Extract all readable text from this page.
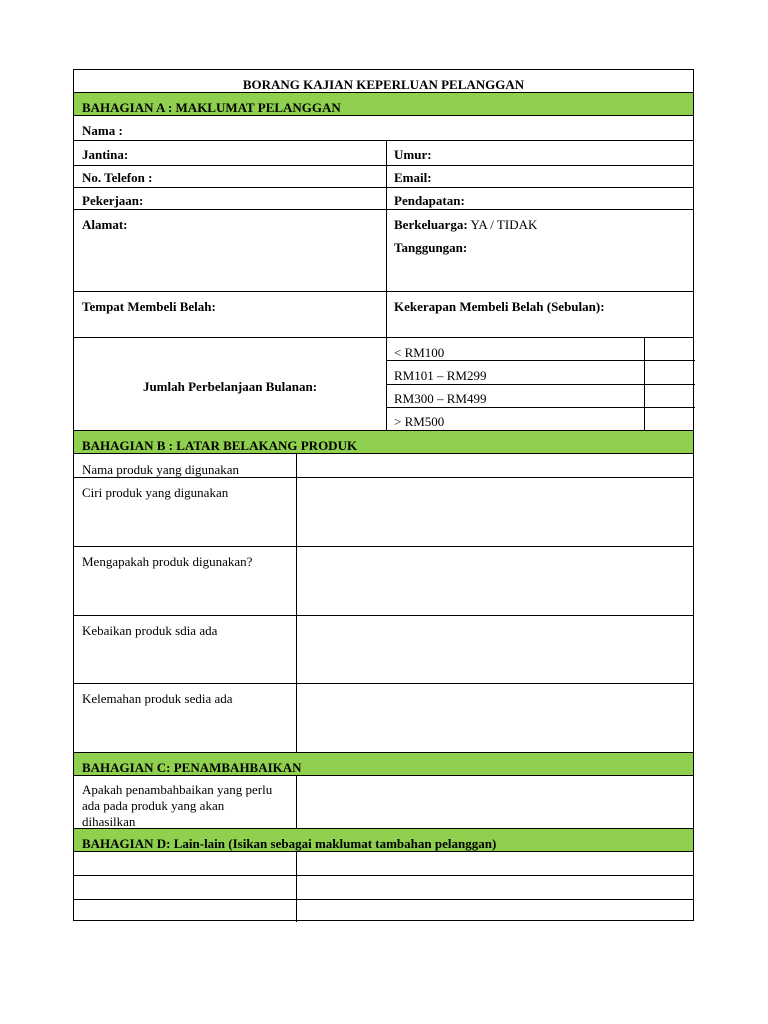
BORANG KAJIAN KEPERLUAN PELANGGAN
BAHAGIAN A : MAKLUMAT PELANGGAN
Nama :
Jantina:	Umur:
No. Telefon :	Email:
Pekerjaan:	Pendapatan:
Alamat:	Berkeluarga: YA / TIDAK
Tanggungan:
Tempat Membeli Belah:	Kekerapan Membeli Belah (Sebulan):
Jumlah Perbelanjaan Bulanan:
< RM100
RM101 – RM299
RM300 – RM499
> RM500
BAHAGIAN B : LATAR BELAKANG PRODUK
Nama produk yang digunakan
Ciri produk yang digunakan
Mengapakah produk digunakan?
Kebaikan produk sdia ada
Kelemahan produk sedia ada
BAHAGIAN C: PENAMBAHBAIKAN
Apakah penambahbaikan yang perlu
ada pada produk yang akan
dihasilkan
BAHAGIAN D: Lain-lain (Isikan sebagai maklumat tambahan pelanggan)
